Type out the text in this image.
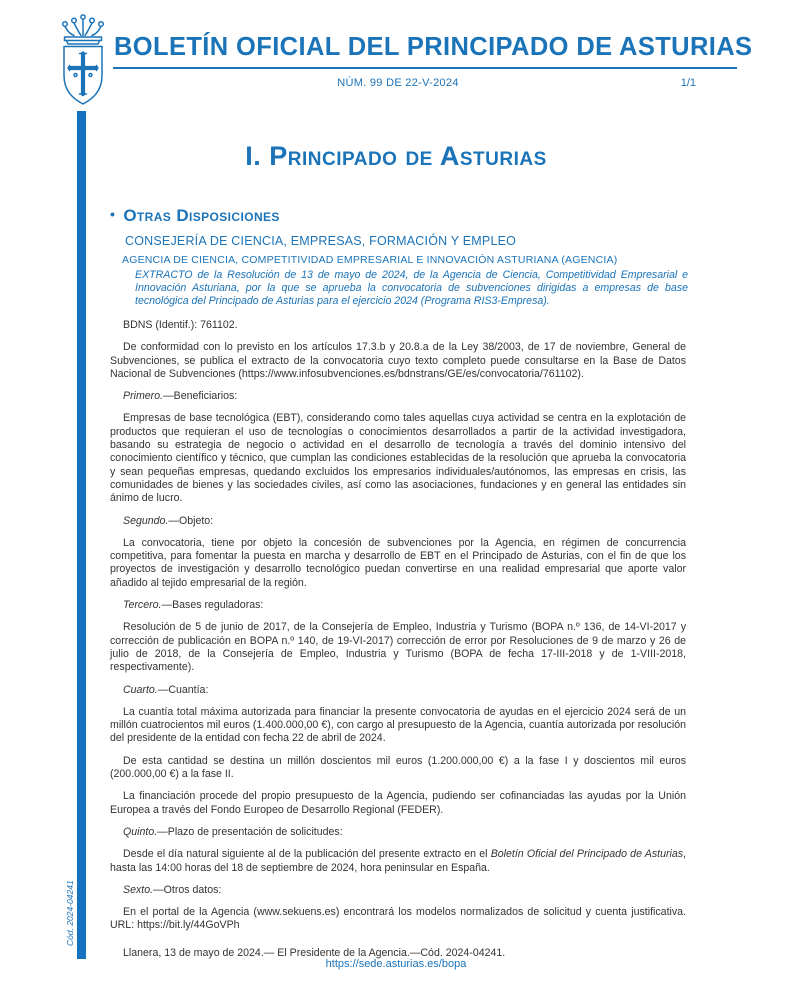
BOLETÍN OFICIAL DEL PRINCIPADO DE ASTURIAS
NÚM. 99 DE 22-V-2024	1/1
I. Principado de Asturias
• Otras Disposiciones
CONSEJERÍA DE CIENCIA, EMPRESAS, FORMACIÓN Y EMPLEO
AGENCIA DE CIENCIA, COMPETITIVIDAD EMPRESARIAL E INNOVACIÓN ASTURIANA (AGENCIA)
EXTRACTO de la Resolución de 13 de mayo de 2024, de la Agencia de Ciencia, Competitividad Empresarial e Innovación Asturiana, por la que se aprueba la convocatoria de subvenciones dirigidas a empresas de base tecnológica del Principado de Asturias para el ejercicio 2024 (Programa RIS3-Empresa).

BDNS (Identif.): 761102.

De conformidad con lo previsto en los artículos 17.3.b y 20.8.a de la Ley 38/2003, de 17 de noviembre, General de Subvenciones, se publica el extracto de la convocatoria cuyo texto completo puede consultarse en la Base de Datos Nacional de Subvenciones (https://www.infosubvenciones.es/bdnstrans/GE/es/convocatoria/761102).

Primero.—Beneficiarios:

Empresas de base tecnológica (EBT), considerando como tales aquellas cuya actividad se centra en la explotación de productos que requieran el uso de tecnologías o conocimientos desarrollados a partir de la actividad investigadora, basando su estrategia de negocio o actividad en el desarrollo de tecnología a través del dominio intensivo del conocimiento científico y técnico, que cumplan las condiciones establecidas de la resolución que aprueba la convocatoria y sean pequeñas empresas, quedando excluidos los empresarios individuales/autónomos, las empresas en crisis, las comunidades de bienes y las sociedades civiles, así como las asociaciones, fundaciones y en general las entidades sin ánimo de lucro.

Segundo.—Objeto:

La convocatoria, tiene por objeto la concesión de subvenciones por la Agencia, en régimen de concurrencia competitiva, para fomentar la puesta en marcha y desarrollo de EBT en el Principado de Asturias, con el fin de que los proyectos de investigación y desarrollo tecnológico puedan convertirse en una realidad empresarial que aporte valor añadido al tejido empresarial de la región.

Tercero.—Bases reguladoras:

Resolución de 5 de junio de 2017, de la Consejería de Empleo, Industria y Turismo (BOPA n.º 136, de 14-VI-2017 y corrección de publicación en BOPA n.º 140, de 19-VI-2017) corrección de error por Resoluciones de 9 de marzo y 26 de julio de 2018, de la Consejería de Empleo, Industria y Turismo (BOPA de fecha 17-III-2018 y de 1-VIII-2018, respectivamente).

Cuarto.—Cuantía:

La cuantía total máxima autorizada para financiar la presente convocatoria de ayudas en el ejercicio 2024 será de un millón cuatrocientos mil euros (1.400.000,00 €), con cargo al presupuesto de la Agencia, cuantía autorizada por resolución del presidente de la entidad con fecha 22 de abril de 2024.

De esta cantidad se destina un millón doscientos mil euros (1.200.000,00 €) a la fase I y doscientos mil euros (200.000,00 €) a la fase II.

La financiación procede del propio presupuesto de la Agencia, pudiendo ser cofinanciadas las ayudas por la Unión Europea a través del Fondo Europeo de Desarrollo Regional (FEDER).

Quinto.—Plazo de presentación de solicitudes:

Desde el día natural siguiente al de la publicación del presente extracto en el Boletín Oficial del Principado de Asturias, hasta las 14:00 horas del 18 de septiembre de 2024, hora peninsular en España.

Sexto.—Otros datos:

En el portal de la Agencia (www.sekuens.es) encontrará los modelos normalizados de solicitud y cuenta justificativa. URL: https://bit.ly/44GoVPh

Llanera, 13 de mayo de 2024.— El Presidente de la Agencia.—Cód. 2024-04241.

Cód. 2024-04241
https://sede.asturias.es/bopa
